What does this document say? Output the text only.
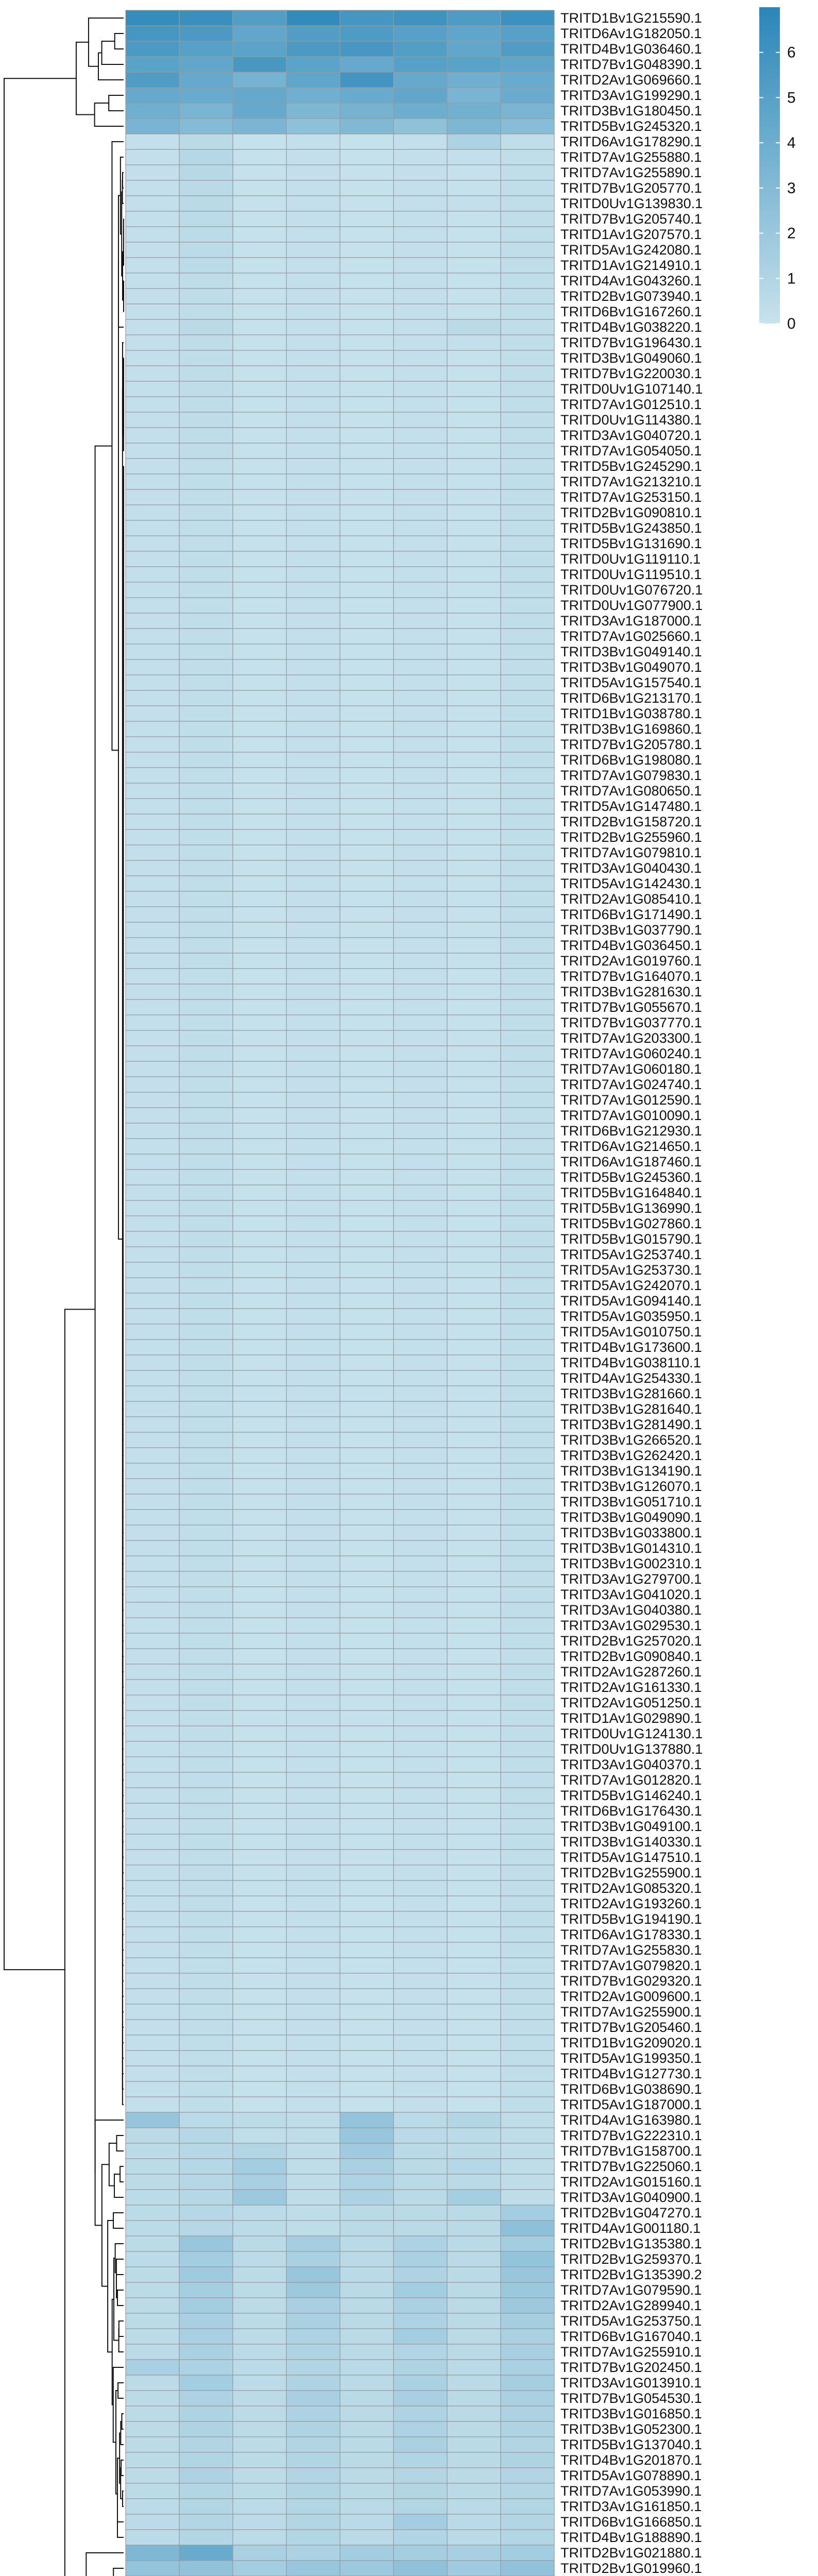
TRITD1Bv1G215590.1
TRITD6Av1G182050.1
TRITD4Bv1G036460.1
TRITD7Bv1G048390.1
TRITD2Av1G069660.1
TRITD3Av1G199290.1
TRITD3Bv1G180450.1
TRITD5Bv1G245320.1
TRITD6Av1G178290.1
TRITD7Av1G255880.1
TRITD7Av1G255890.1
TRITD7Bv1G205770.1
TRITD0Uv1G139830.1
TRITD7Bv1G205740.1
TRITD1Av1G207570.1
TRITD5Av1G242080.1
TRITD1Av1G214910.1
TRITD4Av1G043260.1
TRITD2Bv1G073940.1
TRITD6Bv1G167260.1
TRITD4Bv1G038220.1
TRITD7Bv1G196430.1
TRITD3Bv1G049060.1
TRITD7Bv1G220030.1
TRITD0Uv1G107140.1
TRITD7Av1G012510.1
TRITD0Uv1G114380.1
TRITD3Av1G040720.1
TRITD7Av1G054050.1
TRITD5Bv1G245290.1
TRITD7Av1G213210.1
TRITD7Av1G253150.1
TRITD2Bv1G090810.1
TRITD5Bv1G243850.1
TRITD5Bv1G131690.1
TRITD0Uv1G119110.1
TRITD0Uv1G119510.1
TRITD0Uv1G076720.1
TRITD0Uv1G077900.1
TRITD3Av1G187000.1
TRITD7Av1G025660.1
TRITD3Bv1G049140.1
TRITD3Bv1G049070.1
TRITD5Av1G157540.1
TRITD6Bv1G213170.1
TRITD1Bv1G038780.1
TRITD3Bv1G169860.1
TRITD7Bv1G205780.1
TRITD6Bv1G198080.1
TRITD7Av1G079830.1
TRITD7Av1G080650.1
TRITD5Av1G147480.1
TRITD2Bv1G158720.1
TRITD2Bv1G255960.1
TRITD7Av1G079810.1
TRITD3Av1G040430.1
TRITD5Av1G142430.1
TRITD2Av1G085410.1
TRITD6Bv1G171490.1
TRITD3Bv1G037790.1
TRITD4Bv1G036450.1
TRITD2Av1G019760.1
TRITD7Bv1G164070.1
TRITD3Bv1G281630.1
TRITD7Bv1G055670.1
TRITD7Bv1G037770.1
TRITD7Av1G203300.1
TRITD7Av1G060240.1
TRITD7Av1G060180.1
TRITD7Av1G024740.1
TRITD7Av1G012590.1
TRITD7Av1G010090.1
TRITD6Bv1G212930.1
TRITD6Av1G214650.1
TRITD6Av1G187460.1
TRITD5Bv1G245360.1
TRITD5Bv1G164840.1
TRITD5Bv1G136990.1
TRITD5Bv1G027860.1
TRITD5Bv1G015790.1
TRITD5Av1G253740.1
TRITD5Av1G253730.1
TRITD5Av1G242070.1
TRITD5Av1G094140.1
TRITD5Av1G035950.1
TRITD5Av1G010750.1
TRITD4Bv1G173600.1
TRITD4Bv1G038110.1
TRITD4Av1G254330.1
TRITD3Bv1G281660.1
TRITD3Bv1G281640.1
TRITD3Bv1G281490.1
TRITD3Bv1G266520.1
TRITD3Bv1G262420.1
TRITD3Bv1G134190.1
TRITD3Bv1G126070.1
TRITD3Bv1G051710.1
TRITD3Bv1G049090.1
TRITD3Bv1G033800.1
TRITD3Bv1G014310.1
TRITD3Bv1G002310.1
TRITD3Av1G279700.1
TRITD3Av1G041020.1
TRITD3Av1G040380.1
TRITD3Av1G029530.1
TRITD2Bv1G257020.1
TRITD2Bv1G090840.1
TRITD2Av1G287260.1
TRITD2Av1G161330.1
TRITD2Av1G051250.1
TRITD1Av1G029890.1
TRITD0Uv1G124130.1
TRITD0Uv1G137880.1
TRITD3Av1G040370.1
TRITD7Av1G012820.1
TRITD5Bv1G146240.1
TRITD6Bv1G176430.1
TRITD3Bv1G049100.1
TRITD3Bv1G140330.1
TRITD5Av1G147510.1
TRITD2Bv1G255900.1
TRITD2Av1G085320.1
TRITD2Av1G193260.1
TRITD5Bv1G194190.1
TRITD6Av1G178330.1
TRITD7Av1G255830.1
TRITD7Av1G079820.1
TRITD7Bv1G029320.1
TRITD2Av1G009600.1
TRITD7Av1G255900.1
TRITD7Bv1G205460.1
TRITD1Bv1G209020.1
TRITD5Av1G199350.1
TRITD4Bv1G127730.1
TRITD6Bv1G038690.1
TRITD5Av1G187000.1
TRITD4Av1G163980.1
TRITD7Bv1G222310.1
TRITD7Bv1G158700.1
TRITD7Bv1G225060.1
TRITD2Av1G015160.1
TRITD3Av1G040900.1
TRITD2Bv1G047270.1
TRITD4Av1G001180.1
TRITD2Bv1G135380.1
TRITD2Bv1G259370.1
TRITD2Bv1G135390.2
TRITD7Av1G079590.1
TRITD2Av1G289940.1
TRITD5Av1G253750.1
TRITD6Bv1G167040.1
TRITD7Av1G255910.1
TRITD7Bv1G202450.1
TRITD3Av1G013910.1
TRITD7Bv1G054530.1
TRITD3Bv1G016850.1
TRITD3Bv1G052300.1
TRITD5Bv1G137040.1
TRITD4Bv1G201870.1
TRITD5Av1G078890.1
TRITD7Av1G053990.1
TRITD3Av1G161850.1
TRITD6Bv1G166850.1
TRITD4Bv1G188890.1
TRITD2Bv1G021880.1
TRITD2Bv1G019960.1
0
1
2
3
4
5
6
